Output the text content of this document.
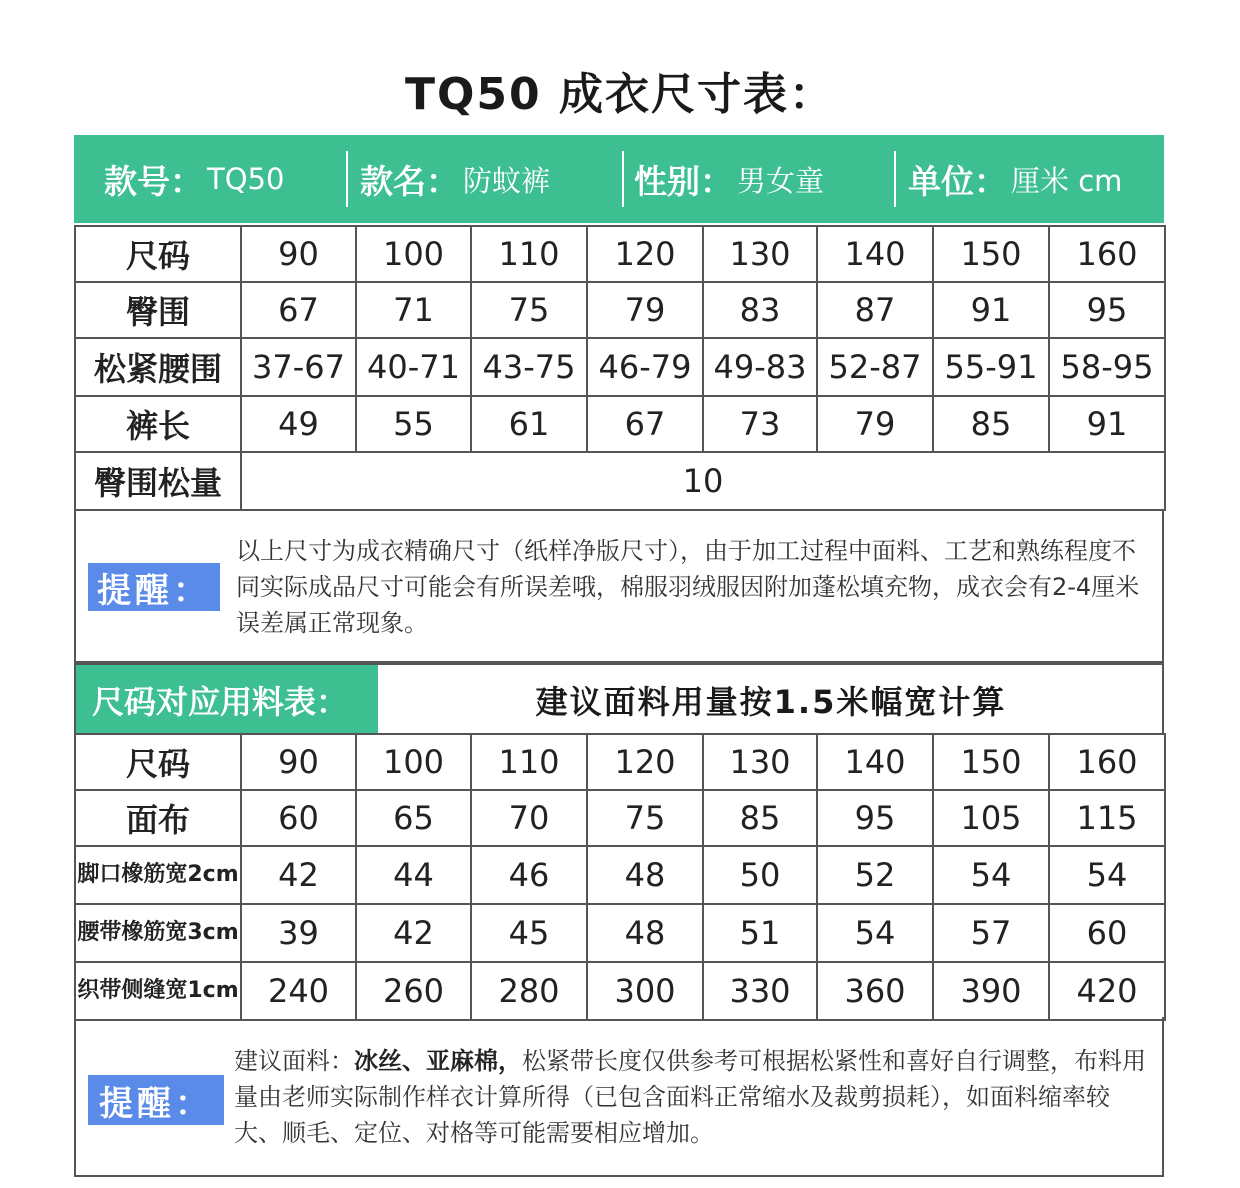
TQ50 成衣尺寸表：
款号： TQ50 款名： 防蚊裤	性别： 男女童	单位： 厘米 cm
尺码	90	100	110	120	130	140	150	160
臀围	67	71	75	79	83	87	91	95
松紧腰围	37-67	40-71	43-75	46-79	49-83	52-87	55-91	58-95
裤长	49	55	61	67	73	79	85	91
臀围松量	10							
提醒：
以上尺寸为成衣精确尺寸（纸样净版尺寸），由于加工过程中面料、工艺和熟练程度不同实际成品尺寸可能会有所误差哦，棉服羽绒服因附加蓬松填充物，成衣会有2-4厘米误差属正常现象。
尺码对应用料表：	建议面料用量按1.5米幅宽计算
尺码	90	100	110	120	130	140	150	160
面布	60	65	70	75	85	95	105	115
脚口橡筋宽2cm	42	44	46	48	50	52	54	54
腰带橡筋宽3cm	39	42	45	48	51	54	57	60
织带侧缝宽1cm	240	260	280	300	330	360	390	420
提醒：
建议面料：冰丝、亚麻棉，松紧带长度仅供参考可根据松紧性和喜好自行调整，布料用量由老师实际制作样衣计算所得（已包含面料正常缩水及裁剪损耗），如面料缩率较大、顺毛、定位、对格等可能需要相应增加。
